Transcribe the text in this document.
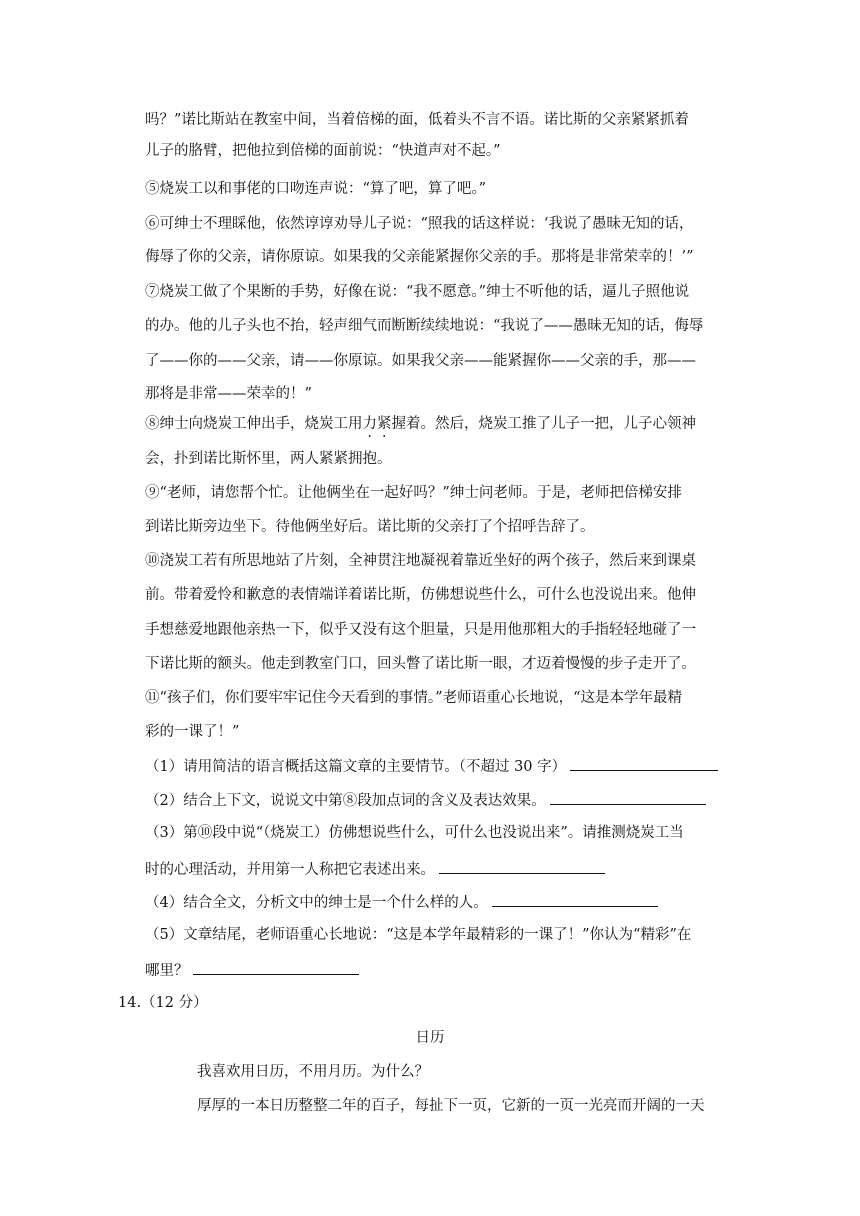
吗？”诺比斯站在教室中间，当着倍梯的面，低着头不言不语。诺比斯的父亲紧紧抓着
儿子的胳臂，把他拉到倍梯的面前说：“快道声对不起。”
⑤烧炭工以和事佬的口吻连声说：“算了吧，算了吧。”
⑥可绅士不理睬他，依然谆谆劝导儿子说：“照我的话这样说：‘我说了愚昧无知的话，
侮辱了你的父亲，请你原谅。如果我的父亲能紧握你父亲的手。那将是非常荣幸的！’”
⑦烧炭工做了个果断的手势，好像在说：“我不愿意。”绅士不听他的话，逼儿子照他说
的办。他的儿子头也不抬，轻声细气而断断续续地说：“我说了——愚昧无知的话，侮辱
了——你的——父亲，请——你原谅。如果我父亲——能紧握你——父亲的手，那——
那将是非常——荣幸的！”
⑧绅士向烧炭工伸出手，烧炭工用力紧握着。然后，烧炭工推了儿子一把，儿子心领神
会，扑到诺比斯怀里，两人紧紧拥抱。
⑨“老师，请您帮个忙。让他俩坐在一起好吗？”绅士问老师。于是，老师把倍梯安排
到诺比斯旁边坐下。待他俩坐好后。诺比斯的父亲打了个招呼告辞了。
⑩浇炭工若有所思地站了片刻，全神贯注地凝视着靠近坐好的两个孩子，然后来到课桌
前。带着爱怜和歉意的表情端详着诺比斯，仿佛想说些什么，可什么也没说出来。他伸
手想慈爱地跟他亲热一下，似乎又没有这个胆量，只是用他那粗大的手指轻轻地碰了一
下诺比斯的额头。他走到教室门口，回头瞥了诺比斯一眼，才迈着慢慢的步子走开了。
⑪“孩子们，你们要牢牢记住今天看到的事情。”老师语重心长地说，“这是本学年最精
彩的一课了！”
（1）请用简洁的语言概括这篇文章的主要情节。（不超过 30 字）
（2）结合上下文，说说文中第⑧段加点词的含义及表达效果。
（3）第⑩段中说“（烧炭工）仿佛想说些什么，可什么也没说出来”。请推测烧炭工当
时的心理活动，并用第一人称把它表述出来。
（4）结合全文，分析文中的绅士是一个什么样的人。
（5）文章结尾，老师语重心长地说：“这是本学年最精彩的一课了！”你认为“精彩”在
哪里？
14.（12 分）
日历
我喜欢用日历，不用月历。为什么？
厚厚的一本日历整整二年的百子，每扯下一页，它新的一页一光亮而开阔的一天
